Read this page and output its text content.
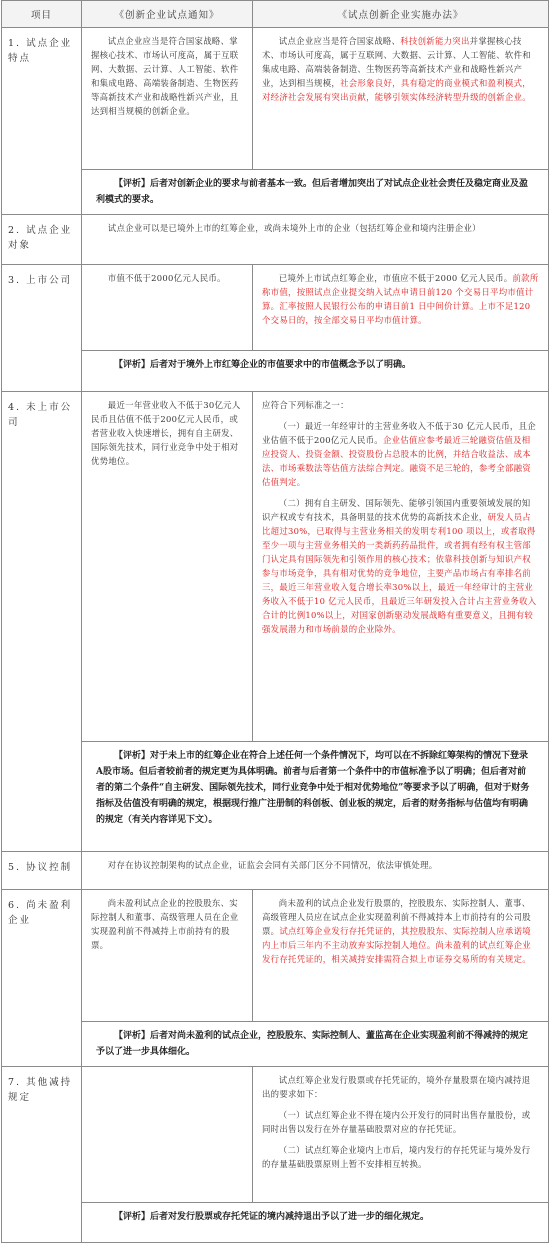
项目	《创新企业试点通知》	《试点创新企业实施办法》
1. 试点企业特点	试点企业应当是符合国家战略、掌握核心技术、市场认可度高，属于互联网、大数据、云计算、人工智能、软件和集成电路、高端装备制造、生物医药等高新技术产业和战略性新兴产业，且达到相当规模的创新企业。	试点企业应当是符合国家战略、科技创新能力突出并掌握核心技术、市场认可度高，属于互联网、大数据、云计算、人工智能、软件和集成电路、高端装备制造、生物医药等高新技术产业和战略性新兴产业，达到相当规模，社会形象良好，具有稳定的商业模式和盈利模式，对经济社会发展有突出贡献，能够引领实体经济转型升级的创新企业。

	【评析】后者对创新企业的要求与前者基本一致。但后者增加突出了对试点企业社会责任及稳定商业及盈利模式的要求。	

2. 试点企业对象	试点企业可以是已境外上市的红筹企业，或尚未境外上市的企业（包括红筹企业和境内注册企业）	

3. 上市公司	市值不低于2000亿元人民币。	已境外上市试点红筹企业，市值应不低于2000 亿元人民币。前款所称市值，按照试点企业提交纳入试点申请日前120 个交易日平均市值计算。汇率按照人民银行公布的申请日前1 日中间价计算。上市不足120 个交易日的，按全部交易日平均市值计算。

	【评析】后者对于境外上市红筹企业的市值要求中的市值概念予以了明确。	

4. 未上市公司	最近一年营业收入不低于30亿元人民币且估值不低于200亿元人民币，或者营业收入快速增长，拥有自主研发、国际领先技术，同行业竞争中处于相对优势地位。	应符合下列标准之一：

（一）最近一年经审计的主营业务收入不低于30 亿元人民币，且企业估值不低于200亿元人民币。企业估值应参考最近三轮融资估值及相应投资人、投资金额、投资股份占总股本的比例，并结合收益法、成本法、市场乘数法等估值方法综合判定。融资不足三轮的，参考全部融资估值判定。

（二）拥有自主研发、国际领先、能够引领国内重要领域发展的知识产权或专有技术，具备明显的技术优势的高新技术企业，研发人员占比超过30%，已取得与主营业务相关的发明专利100 项以上，或者取得至少一项与主营业务相关的一类新药药品批件，或者拥有经有权主管部门认定具有国际领先和引领作用的核心技术；依靠科技创新与知识产权参与市场竞争，具有相对优势的竞争地位，主要产品市场占有率排名前三，最近三年营业收入复合增长率30%以上，最近一年经审计的主营业务收入不低于10 亿元人民币，且最近三年研发投入合计占主营业务收入合计的比例10%以上，对国家创新驱动发展战略有重要意义，且拥有较强发展潜力和市场前景的企业除外。

	【评析】对于未上市的红筹企业在符合上述任何一个条件情况下，均可以在不拆除红筹架构的情况下登录A股市场。但后者较前者的规定更为具体明确。前者与后者第一个条件中的市值标准予以了明确；但后者对前者的第二个条件“自主研发、国际领先技术，同行业竞争中处于相对优势地位”等要求予以了明确，但对于财务指标及估值没有明确的规定，根据现行推广注册制的科创板、创业板的规定，后者的财务指标与估值均有明确的规定（有关内容详见下文）。	

5. 协议控制	对存在协议控制架构的试点企业，证监会会同有关部门区分不同情况，依法审慎处理。	

6. 尚未盈利企业	尚未盈利试点企业的控股股东、实际控制人和董事、高级管理人员在企业实现盈利前不得减持上市前持有的股票。	尚未盈利的试点企业发行股票的，控股股东、实际控制人、董事、高级管理人员应在试点企业实现盈利前不得减持本上市前持有的公司股票。试点红筹企业发行存托凭证的，其控股股东、实际控制人应承诺境内上市后三年内不主动放弃实际控制人地位。尚未盈利的试点红筹企业发行存托凭证的，相关减持安排需符合拟上市证券交易所的有关规定。

	【评析】后者对尚未盈利的试点企业，控股股东、实际控制人、董监高在企业实现盈利前不得减持的规定予以了进一步具体细化。	

7. 其他减持规定		试点红筹企业发行股票或存托凭证的，境外存量股票在境内减持退出的要求如下：

（一）试点红筹企业不得在境内公开发行的同时出售存量股份，或同时出售以发行在外存量基础股票对应的存托凭证。

（二）试点红筹企业境内上市后，境内发行的存托凭证与境外发行的存量基础股票原则上暂不安排相互转换。

	【评析】后者对发行股票或存托凭证的境内减持退出予以了进一步的细化规定。	
